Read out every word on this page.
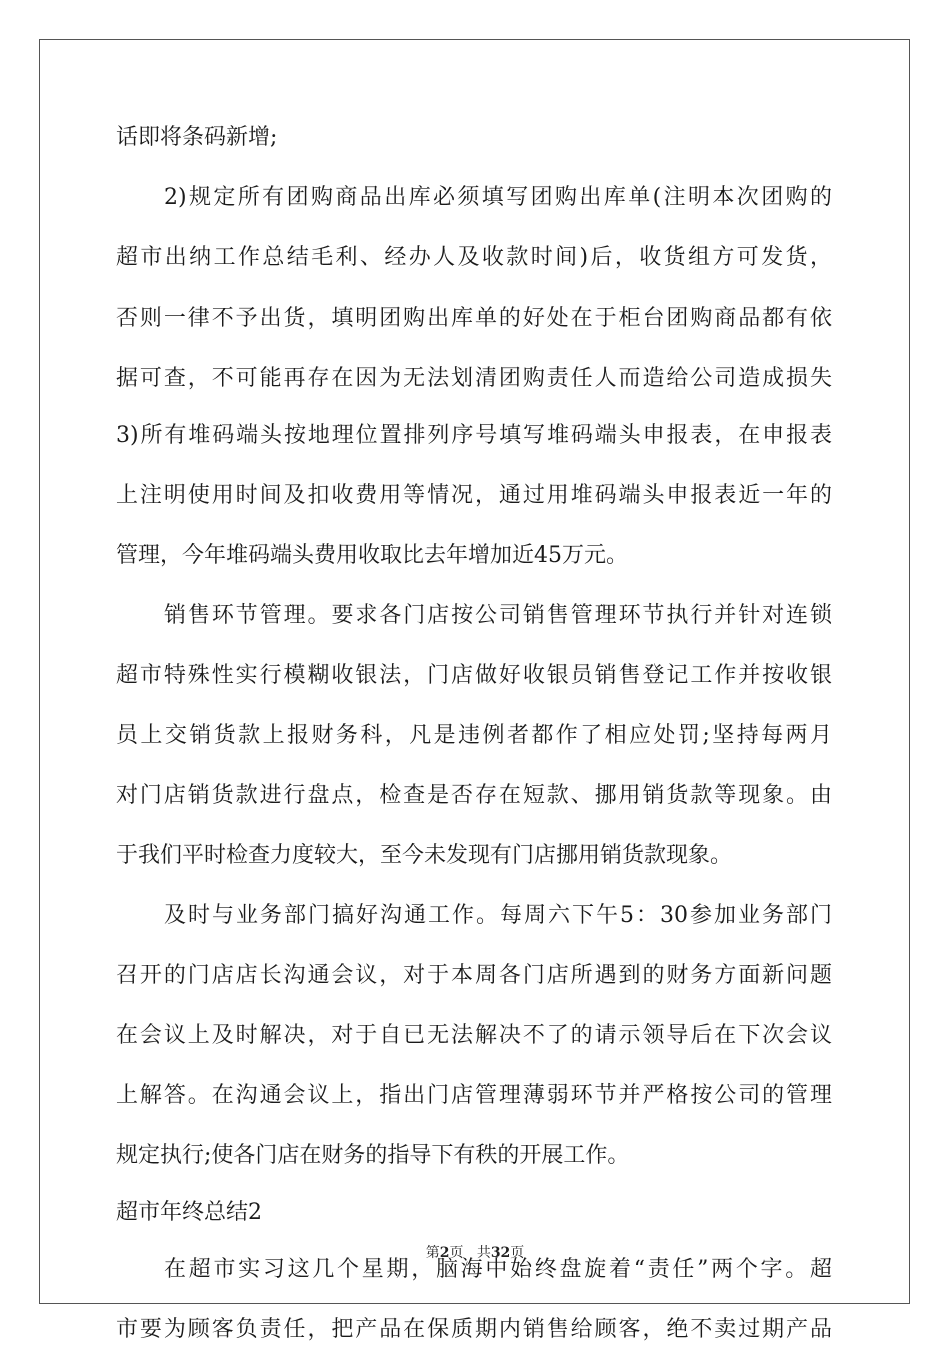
话即将条码新增;
2)规定所有团购商品出库必须填写团购出库单(注明本次团购的
超市出纳工作总结毛利、经办人及收款时间)后，收货组方可发货，
否则一律不予出货，填明团购出库单的好处在于柜台团购商品都有依
据可查，不可能再存在因为无法划清团购责任人而造给公司造成损失
3)所有堆码端头按地理位置排列序号填写堆码端头申报表，在申报表
上注明使用时间及扣收费用等情况，通过用堆码端头申报表近一年的
管理，今年堆码端头费用收取比去年增加近45万元。
销售环节管理。要求各门店按公司销售管理环节执行并针对连锁
超市特殊性实行模糊收银法，门店做好收银员销售登记工作并按收银
员上交销货款上报财务科，凡是违例者都作了相应处罚;坚持每两月
对门店销货款进行盘点，检查是否存在短款、挪用销货款等现象。由
于我们平时检查力度较大，至今未发现有门店挪用销货款现象。
及时与业务部门搞好沟通工作。每周六下午5：30参加业务部门
召开的门店店长沟通会议，对于本周各门店所遇到的财务方面新问题
在会议上及时解决，对于自已无法解决不了的请示领导后在下次会议
上解答。在沟通会议上，指出门店管理薄弱环节并严格按公司的管理
规定执行;使各门店在财务的指导下有秩的开展工作。
超市年终总结2
在超市实习这几个星期，脑海中始终盘旋着“责任”两个字。超
市要为顾客负责任，把产品在保质期内销售给顾客，绝不卖过期产品
第2页 共32页
